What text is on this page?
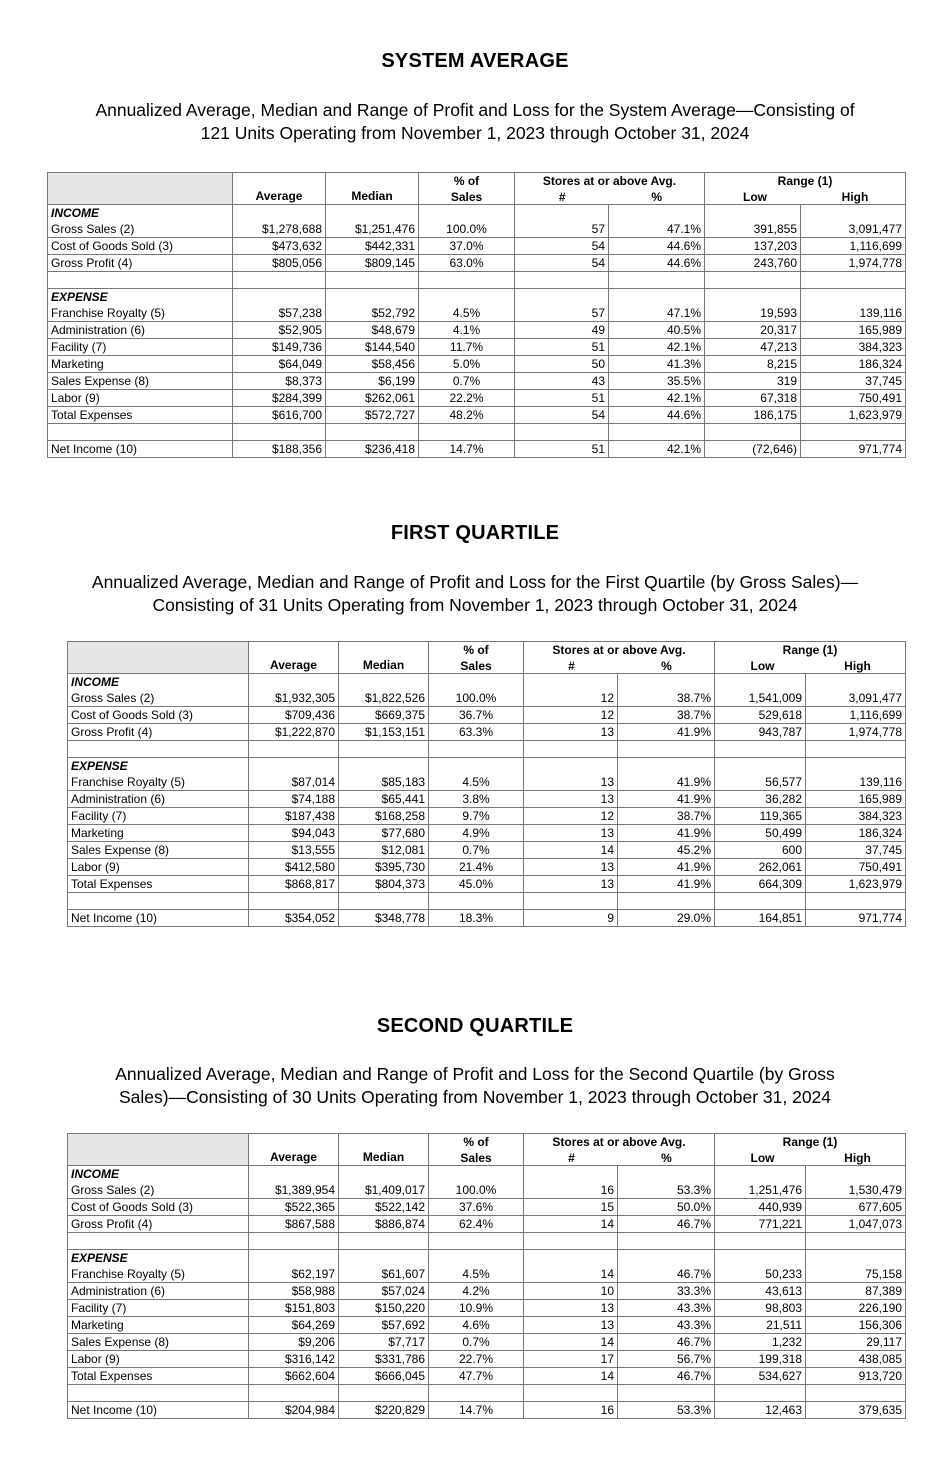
SYSTEM AVERAGE
Annualized Average, Median and Range of Profit and Loss for the System Average—Consisting of
121 Units Operating from November 1, 2023 through October 31, 2024
	Average	Median	% of	Stores at or above Avg.		Range (1)	
			Sales	# %		Low High	
INCOME							
Gross Sales (2)	$1,278,688	$1,251,476	100.0%	57	47.1%	391,855	3,091,477
Cost of Goods Sold (3)	$473,632	$442,331	37.0%	54	44.6%	137,203	1,116,699
Gross Profit (4)	$805,056	$809,145	63.0%	54	44.6%	243,760	1,974,778

EXPENSE							
Franchise Royalty (5)	$57,238	$52,792	4.5%	57	47.1%	19,593	139,116
Administration (6)	$52,905	$48,679	4.1%	49	40.5%	20,317	165,989
Facility (7)	$149,736	$144,540	11.7%	51	42.1%	47,213	384,323
Marketing	$64,049	$58,456	5.0%	50	41.3%	8,215	186,324
Sales Expense (8)	$8,373	$6,199	0.7%	43	35.5%	319	37,745
Labor (9)	$284,399	$262,061	22.2%	51	42.1%	67,318	750,491
Total Expenses	$616,700	$572,727	48.2%	54	44.6%	186,175	1,623,979

Net Income (10)	$188,356	$236,418	14.7%	51	42.1%	(72,646)	971,774
FIRST QUARTILE
Annualized Average, Median and Range of Profit and Loss for the First Quartile (by Gross Sales)—
Consisting of 31 Units Operating from November 1, 2023 through October 31, 2024
	Average	Median	% of	Stores at or above Avg.		Range (1)	
			Sales	# %		Low High	
INCOME							
Gross Sales (2)	$1,932,305	$1,822,526	100.0%	12	38.7%	1,541,009	3,091,477
Cost of Goods Sold (3)	$709,436	$669,375	36.7%	12	38.7%	529,618	1,116,699
Gross Profit (4)	$1,222,870	$1,153,151	63.3%	13	41.9%	943,787	1,974,778

EXPENSE							
Franchise Royalty (5)	$87,014	$85,183	4.5%	13	41.9%	56,577	139,116
Administration (6)	$74,188	$65,441	3.8%	13	41.9%	36,282	165,989
Facility (7)	$187,438	$168,258	9.7%	12	38.7%	119,365	384,323
Marketing	$94,043	$77,680	4.9%	13	41.9%	50,499	186,324
Sales Expense (8)	$13,555	$12,081	0.7%	14	45.2%	600	37,745
Labor (9)	$412,580	$395,730	21.4%	13	41.9%	262,061	750,491
Total Expenses	$868,817	$804,373	45.0%	13	41.9%	664,309	1,623,979

Net Income (10)	$354,052	$348,778	18.3%	9	29.0%	164,851	971,774
SECOND QUARTILE
Annualized Average, Median and Range of Profit and Loss for the Second Quartile (by Gross
Sales)—Consisting of 30 Units Operating from November 1, 2023 through October 31, 2024
	Average	Median	% of	Stores at or above Avg.		Range (1)	
			Sales	# %		Low High	
INCOME							
Gross Sales (2)	$1,389,954	$1,409,017	100.0%	16	53.3%	1,251,476	1,530,479
Cost of Goods Sold (3)	$522,365	$522,142	37.6%	15	50.0%	440,939	677,605
Gross Profit (4)	$867,588	$886,874	62.4%	14	46.7%	771,221	1,047,073

EXPENSE							
Franchise Royalty (5)	$62,197	$61,607	4.5%	14	46.7%	50,233	75,158
Administration (6)	$58,988	$57,024	4.2%	10	33.3%	43,613	87,389
Facility (7)	$151,803	$150,220	10.9%	13	43.3%	98,803	226,190
Marketing	$64,269	$57,692	4.6%	13	43.3%	21,511	156,306
Sales Expense (8)	$9,206	$7,717	0.7%	14	46.7%	1,232	29,117
Labor (9)	$316,142	$331,786	22.7%	17	56.7%	199,318	438,085
Total Expenses	$662,604	$666,045	47.7%	14	46.7%	534,627	913,720

Net Income (10)	$204,984	$220,829	14.7%	16	53.3%	12,463	379,635
